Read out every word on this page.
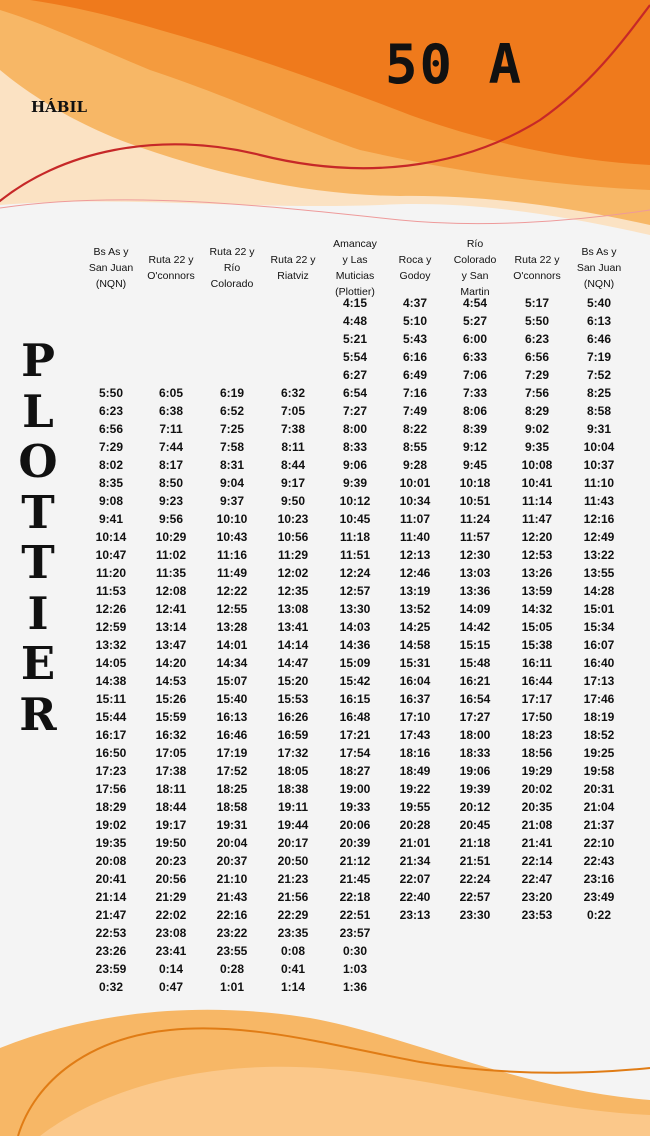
50 A
HÁBIL
P
L
O
T
T
I
E
R
Bs As y
San Juan
(NQN)
Ruta 22 y
O'connors
Ruta 22 y
Río
Colorado
Ruta 22 y
Riatviz
Amancay
y Las
Muticias
(Plottier)
Roca y
Godoy
Río
Colorado
y San
Martin
Ruta 22 y
O'connors
Bs As y
San Juan
(NQN)
5:50
6:23
6:56
7:29
8:02
8:35
9:08
9:41
10:14
10:47
11:20
11:53
12:26
12:59
13:32
14:05
14:38
15:11
15:44
16:17
16:50
17:23
17:56
18:29
19:02
19:35
20:08
20:41
21:14
21:47
22:53
23:26
23:59
0:32
6:05
6:38
7:11
7:44
8:17
8:50
9:23
9:56
10:29
11:02
11:35
12:08
12:41
13:14
13:47
14:20
14:53
15:26
15:59
16:32
17:05
17:38
18:11
18:44
19:17
19:50
20:23
20:56
21:29
22:02
23:08
23:41
0:14
0:47
6:19
6:52
7:25
7:58
8:31
9:04
9:37
10:10
10:43
11:16
11:49
12:22
12:55
13:28
14:01
14:34
15:07
15:40
16:13
16:46
17:19
17:52
18:25
18:58
19:31
20:04
20:37
21:10
21:43
22:16
23:22
23:55
0:28
1:01
6:32
7:05
7:38
8:11
8:44
9:17
9:50
10:23
10:56
11:29
12:02
12:35
13:08
13:41
14:14
14:47
15:20
15:53
16:26
16:59
17:32
18:05
18:38
19:11
19:44
20:17
20:50
21:23
21:56
22:29
23:35
0:08
0:41
1:14
4:15
4:48
5:21
5:54
6:27
6:54
7:27
8:00
8:33
9:06
9:39
10:12
10:45
11:18
11:51
12:24
12:57
13:30
14:03
14:36
15:09
15:42
16:15
16:48
17:21
17:54
18:27
19:00
19:33
20:06
20:39
21:12
21:45
22:18
22:51
23:57
0:30
1:03
1:36
4:37
5:10
5:43
6:16
6:49
7:16
7:49
8:22
8:55
9:28
10:01
10:34
11:07
11:40
12:13
12:46
13:19
13:52
14:25
14:58
15:31
16:04
16:37
17:10
17:43
18:16
18:49
19:22
19:55
20:28
21:01
21:34
22:07
22:40
23:13
4:54
5:27
6:00
6:33
7:06
7:33
8:06
8:39
9:12
9:45
10:18
10:51
11:24
11:57
12:30
13:03
13:36
14:09
14:42
15:15
15:48
16:21
16:54
17:27
18:00
18:33
19:06
19:39
20:12
20:45
21:18
21:51
22:24
22:57
23:30
5:17
5:50
6:23
6:56
7:29
7:56
8:29
9:02
9:35
10:08
10:41
11:14
11:47
12:20
12:53
13:26
13:59
14:32
15:05
15:38
16:11
16:44
17:17
17:50
18:23
18:56
19:29
20:02
20:35
21:08
21:41
22:14
22:47
23:20
23:53
5:40
6:13
6:46
7:19
7:52
8:25
8:58
9:31
10:04
10:37
11:10
11:43
12:16
12:49
13:22
13:55
14:28
15:01
15:34
16:07
16:40
17:13
17:46
18:19
18:52
19:25
19:58
20:31
21:04
21:37
22:10
22:43
23:16
23:49
0:22
